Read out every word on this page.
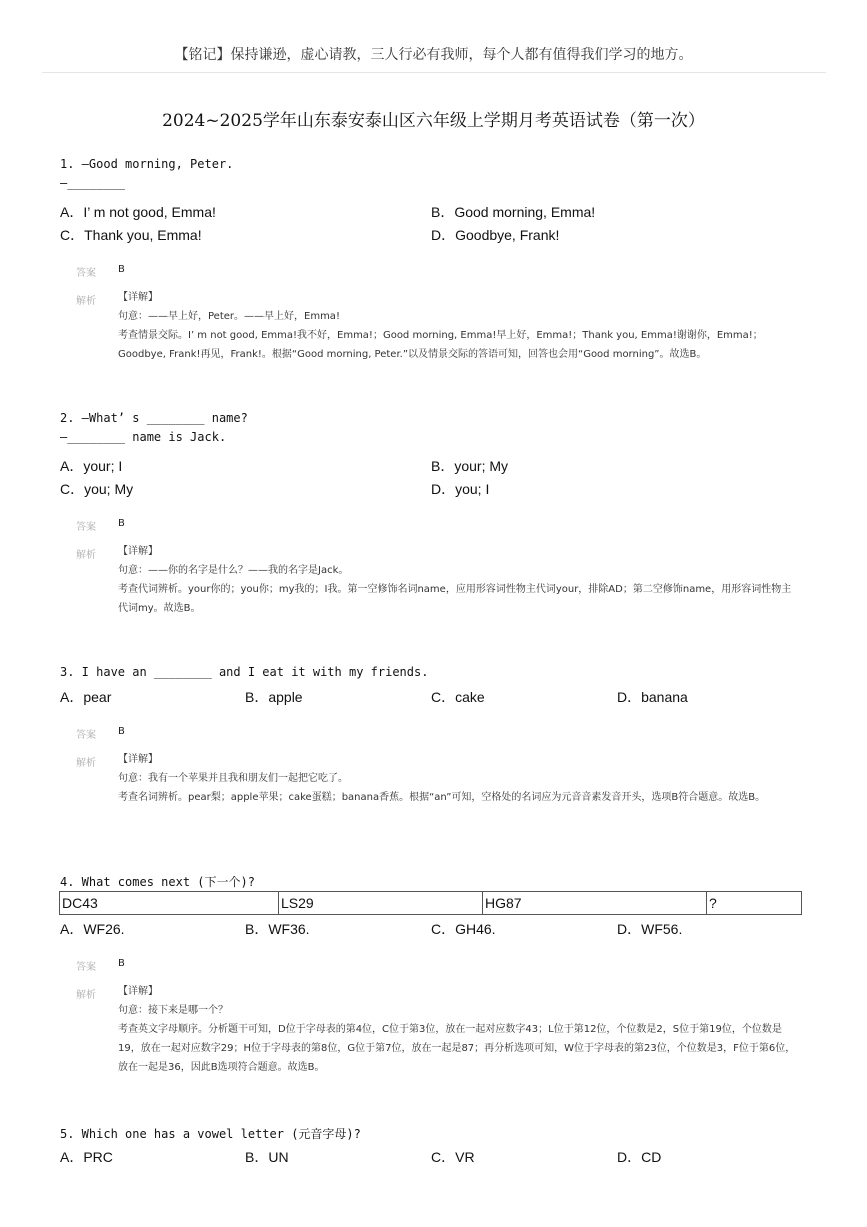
【铭记】保持谦逊，虚心请教，三人行必有我师，每个人都有值得我们学习的地方。
2024~2025学年山东泰安泰山区六年级上学期月考英语试卷（第一次）
1. —Good morning, Peter.
—________
A．I’ m not good, Emma!	B．Good morning, Emma!
C．Thank you, Emma!	D．Goodbye, Frank!
答案 B
解析 【详解】
句意：——早上好，Peter。——早上好，Emma!
考查情景交际。I’ m not good, Emma!我不好，Emma!；Good morning, Emma!早上好，Emma!；Thank you, Emma!谢谢你，Emma!；Goodbye, Frank!再见，Frank!。根据“Good morning, Peter.”以及情景交际的答语可知，回答也会用“Good morning”。故选B。
2. —What’ s ________ name?
—________ name is Jack.
A．your; I	B．your; My
C．you; My	D．you; I
答案 B
解析 【详解】
句意：——你的名字是什么？——我的名字是Jack。
考查代词辨析。your你的；you你；my我的；I我。第一空修饰名词name，应用形容词性物主代词your，排除AD；第二空修饰name，用形容词性物主代词my。故选B。
3. I have an ________ and I eat it with my friends.
A．pear	B．apple	C．cake	D．banana
答案 B
解析 【详解】
句意：我有一个苹果并且我和朋友们一起把它吃了。
考查名词辨析。pear梨；apple苹果；cake蛋糕；banana香蕉。根据“an”可知，空格处的名词应为元音音素发音开头，选项B符合题意。故选B。
4. What comes next (下一个)?
DC43	LS29	HG87	?
A．WF26.	B．WF36.	C．GH46.	D．WF56.
答案 B
解析 【详解】
句意：接下来是哪一个？
考查英文字母顺序。分析题干可知，D位于字母表的第4位，C位于第3位，放在一起对应数字43；L位于第12位，个位数是2，S位于第19位，个位数是19，放在一起对应数字29；H位于字母表的第8位，G位于第7位，放在一起是87；再分析选项可知，W位于字母表的第23位，个位数是3，F位于第6位，放在一起是36，因此B选项符合题意。故选B。
5. Which one has a vowel letter (元音字母)?
A．PRC	B．UN	C．VR	D．CD
